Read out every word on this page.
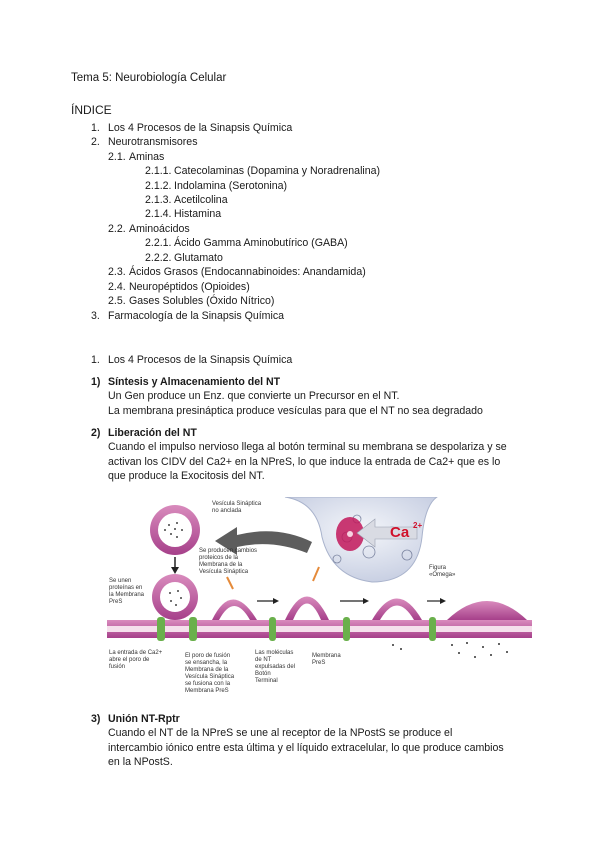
Tema 5: Neurobiología Celular
ÍNDICE
1. Los 4 Procesos de la Sinapsis Química
2. Neurotransmisores
2.1. Aminas
2.1.1. Catecolaminas (Dopamina y Noradrenalina)
2.1.2. Indolamina (Serotonina)
2.1.3. Acetilcolina
2.1.4. Histamina
2.2. Aminoácidos
2.2.1. Ácido Gamma Aminobutírico (GABA)
2.2.2. Glutamato
2.3. Ácidos Grasos (Endocannabinoides: Anandamida)
2.4. Neuropéptidos (Opioides)
2.5. Gases Solubles (Óxido Nítrico)
3. Farmacología de la Sinapsis Química
1. Los 4 Procesos de la Sinapsis Química
1) Síntesis y Almacenamiento del NT
Un Gen produce un Enz. que convierte un Precursor en el NT.
La membrana presináptica produce vesículas para que el NT no sea degradado
2) Liberación del NT
Cuando el impulso nervioso llega al botón terminal su membrana se despolariza y se
activan los CIDV del Ca2+ en la NPreS, lo que induce la entrada de Ca2+ que es lo
que produce la Exocitosis del NT.
Ca 2+
Vesícula Sináptica
no anclada
Se producen cambios
proteicos de la
Membrana de la
Vesícula Sináptica
Se unen
proteínas en
la Membrana
PreS
Figura
«Omega»
La entrada de Ca2+
abre el poro de
fusión
El poro de fusión
se ensancha, la
Membrana de la
Vesícula Sináptica
se fusiona con la
Membrana PreS
Las moléculas
de NT
expulsadas del
Botón
Terminal
Membrana
PreS
3) Unión NT-Rptr
Cuando el NT de la NPreS se une al receptor de la NPostS se produce el
intercambio iónico entre esta última y el líquido extracelular, lo que produce cambios
en la NPostS.
